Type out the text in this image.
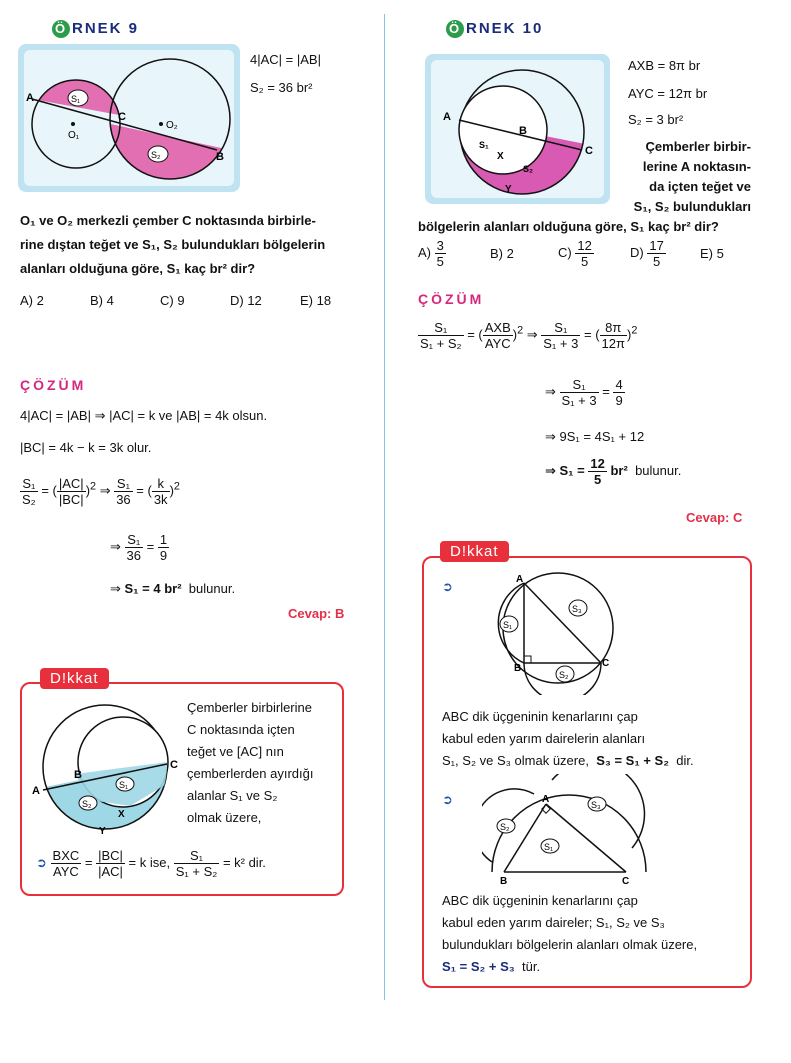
Ö RNEK 9
A
C
B
O₁
O₂
S₁
S₂
4|AC| = |AB|
S₂ = 36 br²
O₁ ve O₂ merkezli çember C noktasında birbirle-
rine dıştan teğet ve S₁, S₂ bulundukları bölgelerin
alanları olduğuna göre, S₁ kaç br² dir?
A) 2	B) 4	C) 9	D) 12	E) 18
ÇÖZÜM
4|AC| = |AB| ⇒ |AC| = k ve |AB| = 4k olsun.
|BC| = 4k − k = 3k olur.
$\frac{\text{S₁}}{\text{S₂}}$ = ( $\frac{|AC|}{|BC|} )^2$ ⇒ $\frac{\text{S₁}}{36}$ = ( $\frac{k}{3k} )^2$
⇒ $\frac{\text{S₁}}{36} = \frac{1}{9}$
⇒ S₁ = 4 br² bulunur.
Cevap: B
D!kkat
A
B
C
X
Y
S₁
S₂
Çemberler birbirlerine
C noktasında içten
teğet ve [AC] nın
çemberlerden ayırdığı
alanlar S₁ ve S₂
olmak üzere,
➲ $\frac{\text{BXC}}{\text{AYC}} = \frac{|BC|}{|AC|} = k$ ise, $\frac{\text{S₁}}{\text{S₁ + S₂}} = k^2$ dir.
Ö RNEK 10
A
B
C
X
Y
S₁
S₂
AXB = 8π br
AYC = 12π br
S₂ = 3 br²
Çemberler birbir-
lerine A noktasın-
da içten teğet ve
S₁, S₂ bulundukları
bölgelerin alanları olduğuna göre, S₁ kaç br² dir?
$A) \frac{3}{5}$	B) 2	$C) \frac{12}{5}$	$D) \frac{17}{5}$	E) 5
ÇÖZÜM
$\frac{\text{S₁}}{\text{S₁ + S₂}}$ = ( $\frac{\text{AXB}}{\text{AYC}} )^2$ ⇒ $\frac{\text{S₁}}{\text{S₁ + 3}}$ = ( $\frac{8\pi}{12\pi} )^2$
⇒ $\frac{\text{S₁}}{\text{S₁ + 3}} = \frac{4}{9}$
⇒ 9S₁ = 4S₁ + 12
⇒ $S_1 = \frac{12}{5} br^2$ bulunur.
Cevap: C
D!kkat
➲	A
B	C
S₁
S₂
S₃
ABC dik üçgeninin kenarlarını çap
kabul eden yarım dairelerin alanları
S₁, S₂ ve S₃ olmak üzere, S₃ = S₁ + S₂ dir.
➲	A
B	C
S₁
S₂
S₃
ABC dik üçgeninin kenarlarını çap
kabul eden yarım daireler; S₁, S₂ ve S₃
bulundukları bölgelerin alanları olmak üzere,
S₁ = S₂ + S₃ tür.
